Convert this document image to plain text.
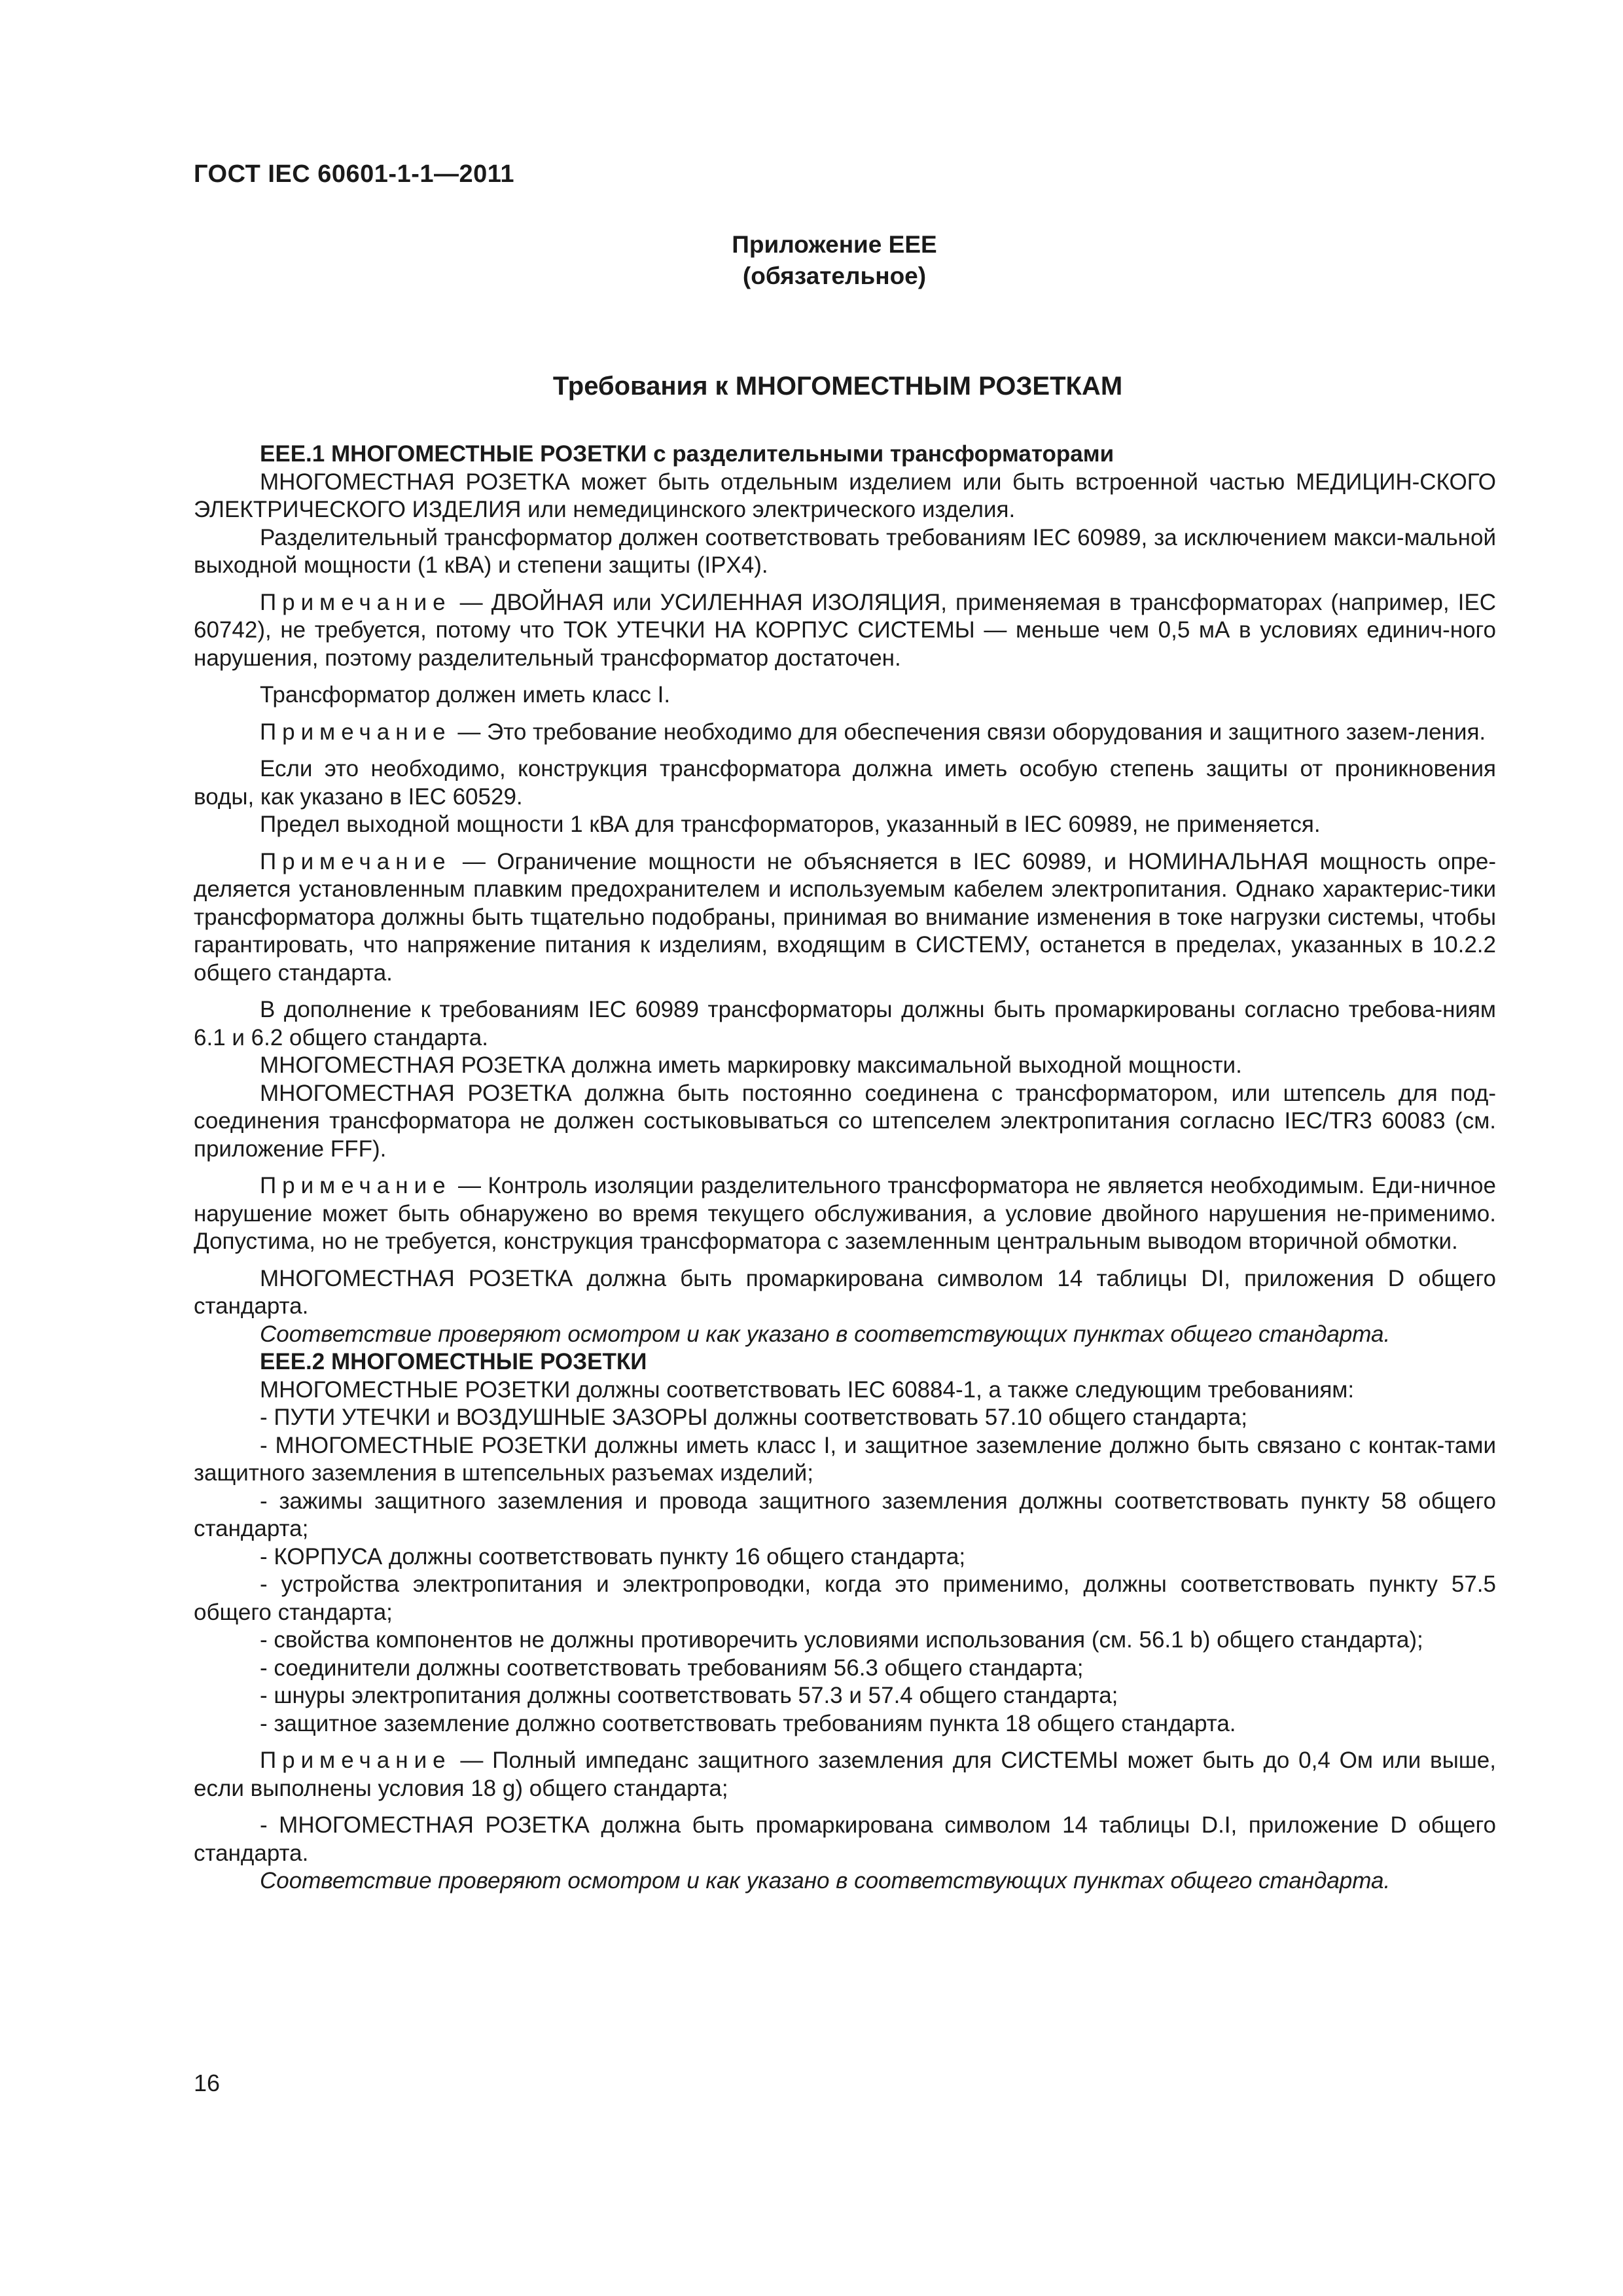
ГОСТ IEC 60601-1-1—2011
Приложение ЕЕЕ
(обязательное)
Требования к МНОГОМЕСТНЫМ РОЗЕТКАМ

ЕЕЕ.1 МНОГОМЕСТНЫЕ РОЗЕТКИ с разделительными трансформаторами

МНОГОМЕСТНАЯ РОЗЕТКА может быть отдельным изделием или быть встроенной частью МЕДИЦИН-СКОГО ЭЛЕКТРИЧЕСКОГО ИЗДЕЛИЯ или немедицинского электрического изделия.

Разделительный трансформатор должен соответствовать требованиям IEC 60989, за исключением макси-мальной выходной мощности (1 кВА) и степени защиты (IPX4).

Примечание — ДВОЙНАЯ или УСИЛЕННАЯ ИЗОЛЯЦИЯ, применяемая в трансформаторах (например, IEC 60742), не требуется, потому что ТОК УТЕЧКИ НА КОРПУС СИСТЕМЫ — меньше чем 0,5 мА в условиях единич-ного нарушения, поэтому разделительный трансформатор достаточен.

Трансформатор должен иметь класс I.

Примечание — Это требование необходимо для обеспечения связи оборудования и защитного зазем-ления.

Если это необходимо, конструкция трансформатора должна иметь особую степень защиты от проникновения воды, как указано в IEC 60529.

Предел выходной мощности 1 кВА для трансформаторов, указанный в IEC 60989, не применяется.

Примечание — Ограничение мощности не объясняется в IEC 60989, и НОМИНАЛЬНАЯ мощность опре-деляется установленным плавким предохранителем и используемым кабелем электропитания. Однако характерис-тики трансформатора должны быть тщательно подобраны, принимая во внимание изменения в токе нагрузки системы, чтобы гарантировать, что напряжение питания к изделиям, входящим в СИСТЕМУ, останется в пределах, указанных в 10.2.2 общего стандарта.

В дополнение к требованиям IEC 60989 трансформаторы должны быть промаркированы согласно требова-ниям 6.1 и 6.2 общего стандарта.

МНОГОМЕСТНАЯ РОЗЕТКА должна иметь маркировку максимальной выходной мощности.

МНОГОМЕСТНАЯ РОЗЕТКА должна быть постоянно соединена с трансформатором, или штепсель для под-соединения трансформатора не должен состыковываться со штепселем электропитания согласно IEC/TR3 60083 (см. приложение FFF).

Примечание — Контроль изоляции разделительного трансформатора не является необходимым. Еди-ничное нарушение может быть обнаружено во время текущего обслуживания, а условие двойного нарушения не-применимо. Допустима, но не требуется, конструкция трансформатора с заземленным центральным выводом вторичной обмотки.

МНОГОМЕСТНАЯ РОЗЕТКА должна быть промаркирована символом 14 таблицы DI, приложения D общего стандарта.

Соответствие проверяют осмотром и как указано в соответствующих пунктах общего стандарта.

ЕЕЕ.2 МНОГОМЕСТНЫЕ РОЗЕТКИ

МНОГОМЕСТНЫЕ РОЗЕТКИ должны соответствовать IEC 60884-1, а также следующим требованиям:

- ПУТИ УТЕЧКИ и ВОЗДУШНЫЕ ЗАЗОРЫ должны соответствовать 57.10 общего стандарта;

- МНОГОМЕСТНЫЕ РОЗЕТКИ должны иметь класс I, и защитное заземление должно быть связано с контак-тами защитного заземления в штепсельных разъемах изделий;

- зажимы защитного заземления и провода защитного заземления должны соответствовать пункту 58 общего стандарта;

- КОРПУСА должны соответствовать пункту 16 общего стандарта;

- устройства электропитания и электропроводки, когда это применимо, должны соответствовать пункту 57.5 общего стандарта;

- свойства компонентов не должны противоречить условиями использования (см. 56.1 b) общего стандарта);

- соединители должны соответствовать требованиям 56.3 общего стандарта;

- шнуры электропитания должны соответствовать 57.3 и 57.4 общего стандарта;

- защитное заземление должно соответствовать требованиям пункта 18 общего стандарта.

Примечание — Полный импеданс защитного заземления для СИСТЕМЫ может быть до 0,4 Ом или выше, если выполнены условия 18 g) общего стандарта;

- МНОГОМЕСТНАЯ РОЗЕТКА должна быть промаркирована символом 14 таблицы D.I, приложение D общего стандарта.

Соответствие проверяют осмотром и как указано в соответствующих пунктах общего стандарта.

16
